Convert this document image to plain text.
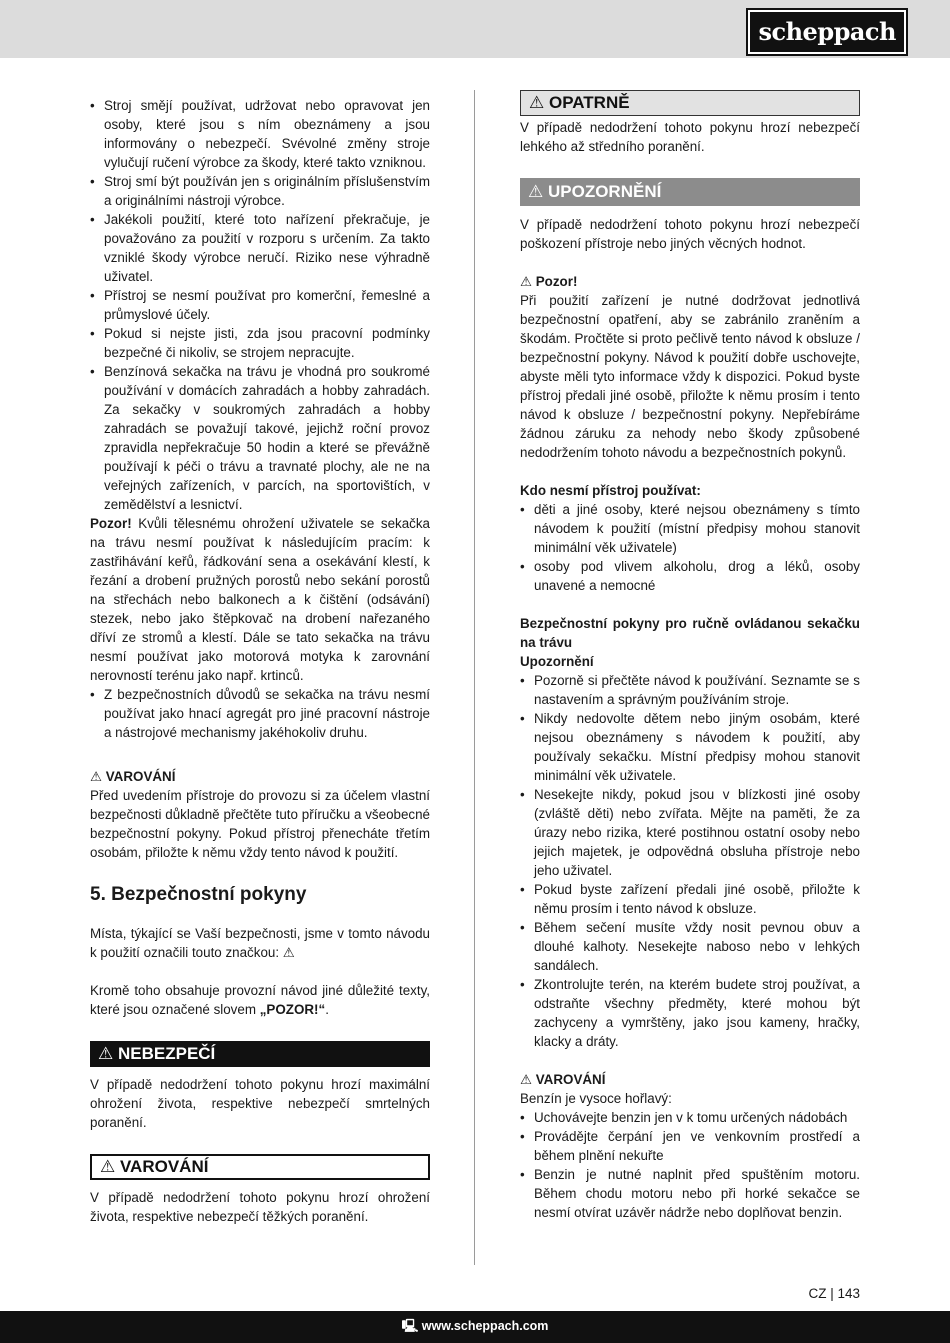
scheppach
• Stroj smějí používat, udržovat nebo opravovat jen osoby, které jsou s ním obeznámeny a jsou informovány o nebezpečí. Svévolné změny stroje vylučují ručení výrobce za škody, které takto vzniknou.
• Stroj smí být používán jen s originálním příslušenstvím a originálními nástroji výrobce.
• Jakékoli použití, které toto nařízení překračuje, je považováno za použití v rozporu s určením. Za takto vzniklé škody výrobce neručí. Riziko nese výhradně uživatel.
• Přístroj se nesmí používat pro komerční, řemeslné a průmyslové účely.
• Pokud si nejste jisti, zda jsou pracovní podmínky bezpečné či nikoliv, se strojem nepracujte.
• Benzínová sekačka na trávu je vhodná pro soukromé používání v domácích zahradách a hobby zahradách. Za sekačky v soukromých zahradách a hobby zahradách se považují takové, jejichž roční provoz zpravidla nepřekračuje 50 hodin a které se převážně používají k péči o trávu a travnaté plochy, ale ne na veřejných zařízeních, v parcích, na sportovištích, v zemědělství a lesnictví.

Pozor! Kvůli tělesnému ohrožení uživatele se sekačka na trávu nesmí používat k následujícím pracím: k zastřihávání keřů, řádkování sena a osekávání klestí, k řezání a drobení pružných porostů nebo sekání porostů na střechách nebo balkonech a k čištění (odsávání) stezek, nebo jako štěpkovač na drobení nařezaného dříví ze stromů a klestí. Dále se tato sekačka na trávu nesmí používat jako motorová motyka k zarovnání nerovností terénu jako např. krtinců.

• Z bezpečnostních důvodů se sekačka na trávu nesmí používat jako hnací agregát pro jiné pracovní nástroje a nástrojové mechanismy jakéhokoliv druhu.

⚠ VAROVÁNÍ

Před uvedením přístroje do provozu si za účelem vlastní bezpečnosti důkladně přečtěte tuto příručku a všeobecné bezpečnostní pokyny. Pokud přístroj přenecháte třetím osobám, přiložte k němu vždy tento návod k použití.

5. Bezpečnostní pokyny

Místa, týkající se Vaší bezpečnosti, jsme v tomto návodu k použití označili touto značkou: ⚠

Kromě toho obsahuje provozní návod jiné důležité texty, které jsou označené slovem „POZOR!“.

⚠ NEBEZPEČÍ

V případě nedodržení tohoto pokynu hrozí maximální ohrožení života, respektive nebezpečí smrtelných poranění.

⚠ VAROVÁNÍ

V případě nedodržení tohoto pokynu hrozí ohrožení života, respektive nebezpečí těžkých poranění.

⚠ OPATRNĚ

V případě nedodržení tohoto pokynu hrozí nebezpečí lehkého až středního poranění.

⚠ UPOZORNĚNÍ

V případě nedodržení tohoto pokynu hrozí nebezpečí poškození přístroje nebo jiných věcných hodnot.

⚠ Pozor!

Při použití zařízení je nutné dodržovat jednotlivá bezpečnostní opatření, aby se zabránilo zraněním a škodám. Pročtěte si proto pečlivě tento návod k obsluze / bezpečnostní pokyny. Návod k použití dobře uschovejte, abyste měli tyto informace vždy k dispozici. Pokud byste přístroj předali jiné osobě, přiložte k němu prosím i tento návod k obsluze / bezpečnostní pokyny. Nepřebíráme žádnou záruku za nehody nebo škody způsobené nedodržením tohoto návodu a bezpečnostních pokynů.

Kdo nesmí přístroj používat:

• děti a jiné osoby, které nejsou obeznámeny s tímto návodem k použití (místní předpisy mohou stanovit minimální věk uživatele)
• osoby pod vlivem alkoholu, drog a léků, osoby unavené a nemocné

Bezpečnostní pokyny pro ručně ovládanou sekačku na trávu

Upozornění

• Pozorně si přečtěte návod k používání. Seznamte se s nastavením a správným používáním stroje.
• Nikdy nedovolte dětem nebo jiným osobám, které nejsou obeznámeny s návodem k použití, aby používaly sekačku. Místní předpisy mohou stanovit minimální věk uživatele.
• Nesekejte nikdy, pokud jsou v blízkosti jiné osoby (zvláště děti) nebo zvířata. Mějte na paměti, že za úrazy nebo rizika, které postihnou ostatní osoby nebo jejich majetek, je odpovědná obsluha přístroje nebo jeho uživatel.
• Pokud byste zařízení předali jiné osobě, přiložte k němu prosím i tento návod k obsluze.
• Během sečení musíte vždy nosit pevnou obuv a dlouhé kalhoty. Nesekejte naboso nebo v lehkých sandálech.
• Zkontrolujte terén, na kterém budete stroj používat, a odstraňte všechny předměty, které mohou být zachyceny a vymrštěny, jako jsou kameny, hračky, klacky a dráty.

⚠ VAROVÁNÍ

Benzín je vysoce hořlavý:

• Uchovávejte benzin jen v k tomu určených nádobách
• Provádějte čerpání jen ve venkovním prostředí a během plnění nekuřte
• Benzin je nutné naplnit před spuštěním motoru. Během chodu motoru nebo při horké sekačce se nesmí otvírat uzávěr nádrže nebo doplňovat benzin.
CZ | 143
🖳 www.scheppach.com
